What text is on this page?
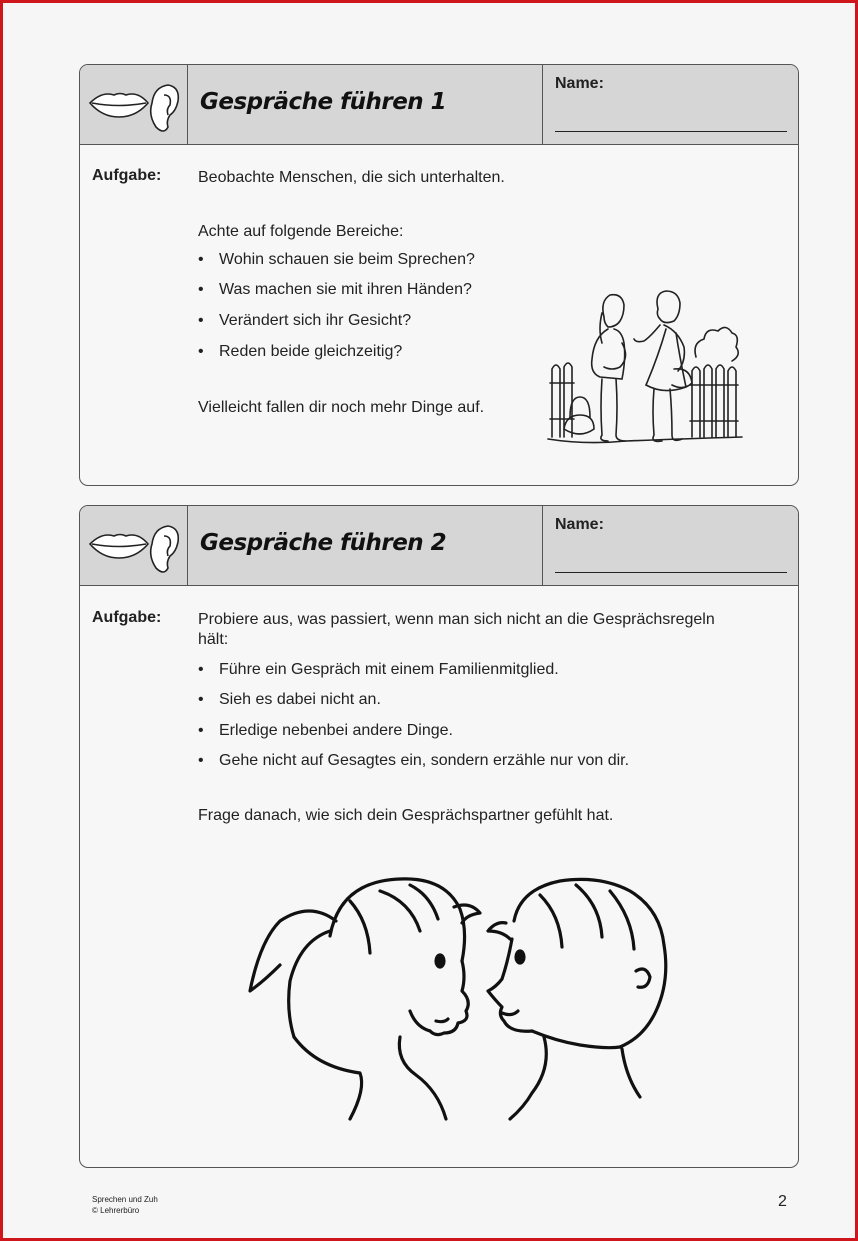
Gespräche führen 1
Name:
Aufgabe: Beobachte Menschen, die sich unterhalten.
Achte auf folgende Bereiche:
• Wohin schauen sie beim Sprechen?
• Was machen sie mit ihren Händen?
• Verändert sich ihr Gesicht?
• Reden beide gleichzeitig?
Vielleicht fallen dir noch mehr Dinge auf.
Gespräche führen 2
Name:
Aufgabe: Probiere aus, was passiert, wenn man sich nicht an die Gesprächsregeln
hält:
• Führe ein Gespräch mit einem Familienmitglied.
• Sieh es dabei nicht an.
• Erledige nebenbei andere Dinge.
• Gehe nicht auf Gesagtes ein, sondern erzähle nur von dir.
Frage danach, wie sich dein Gesprächspartner gefühlt hat.
Sprechen und Zuh
© Lehrerbüro
2
